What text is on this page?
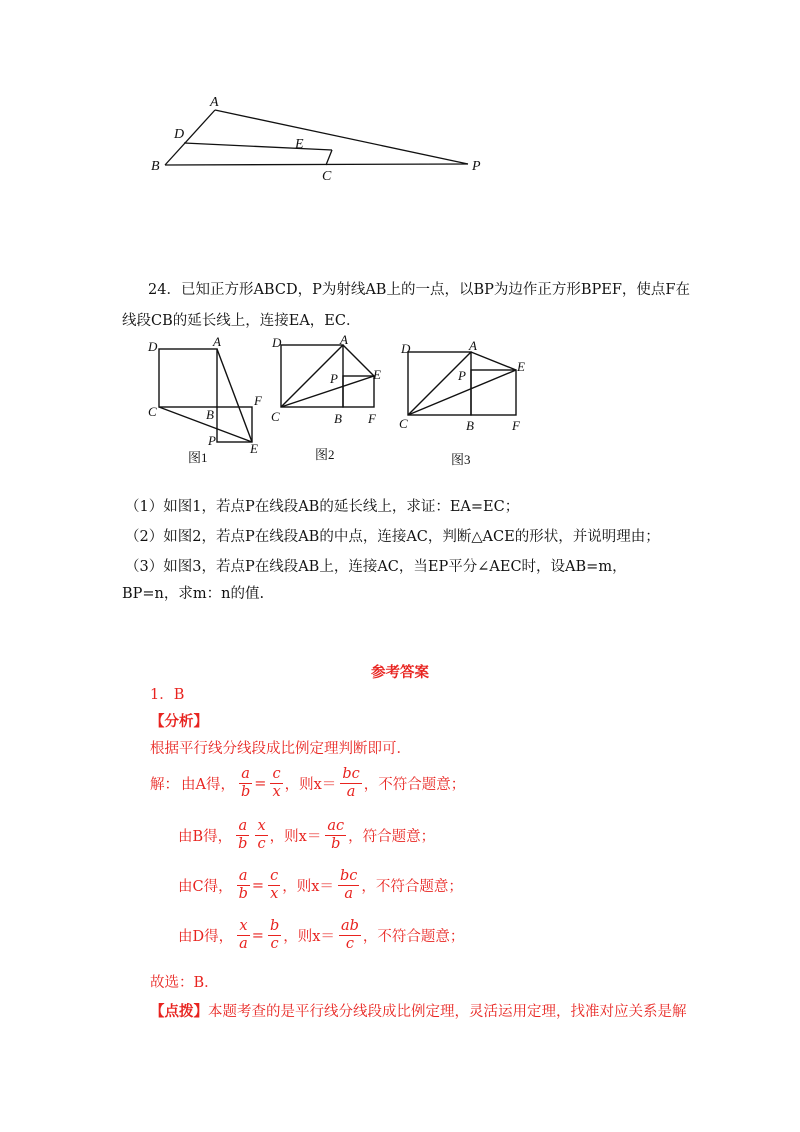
A
D
E
B
C
P
24．已知正方形ABCD，P为射线AB上的一点，以BP为边作正方形BPEF，使点F在
线段CB的延长线上，连接EA，EC．
D	A
C	B
F
P
E
图1
D	A
P	E
C	B F
图2
D	A
P
E
C	B	F
图3
（1）如图1，若点P在线段AB的延长线上，求证：EA=EC；
（2）如图2，若点P在线段AB的中点，连接AC，判断△ACE的形状，并说明理由；
（3）如图3，若点P在线段AB上，连接AC，当EP平分∠AEC时，设AB=m，
BP=n，求m：n的值.
参考答案
1．B
【分析】
根据平行线分线段成比例定理判断即可．
解： 由A得， $\frac{a}{b} = \frac{c}{x}$ ，则$x= \frac{bc}{a}$ ，不符合题意；
由B得， $\frac{a}{b} \frac{x}{c}$ ，则$x= \frac{ac}{b}$ ，符合题意；
由C得， $\frac{a}{b} = \frac{c}{x}$ ，则$x= \frac{bc}{a}$ ，不符合题意；
由D得， $\frac{x}{a} = \frac{b}{c}$ ，则$x= \frac{ab}{c}$ ，不符合题意；
故选：B．
【点拨】本题考查的是平行线分线段成比例定理，灵活运用定理，找准对应关系是解
